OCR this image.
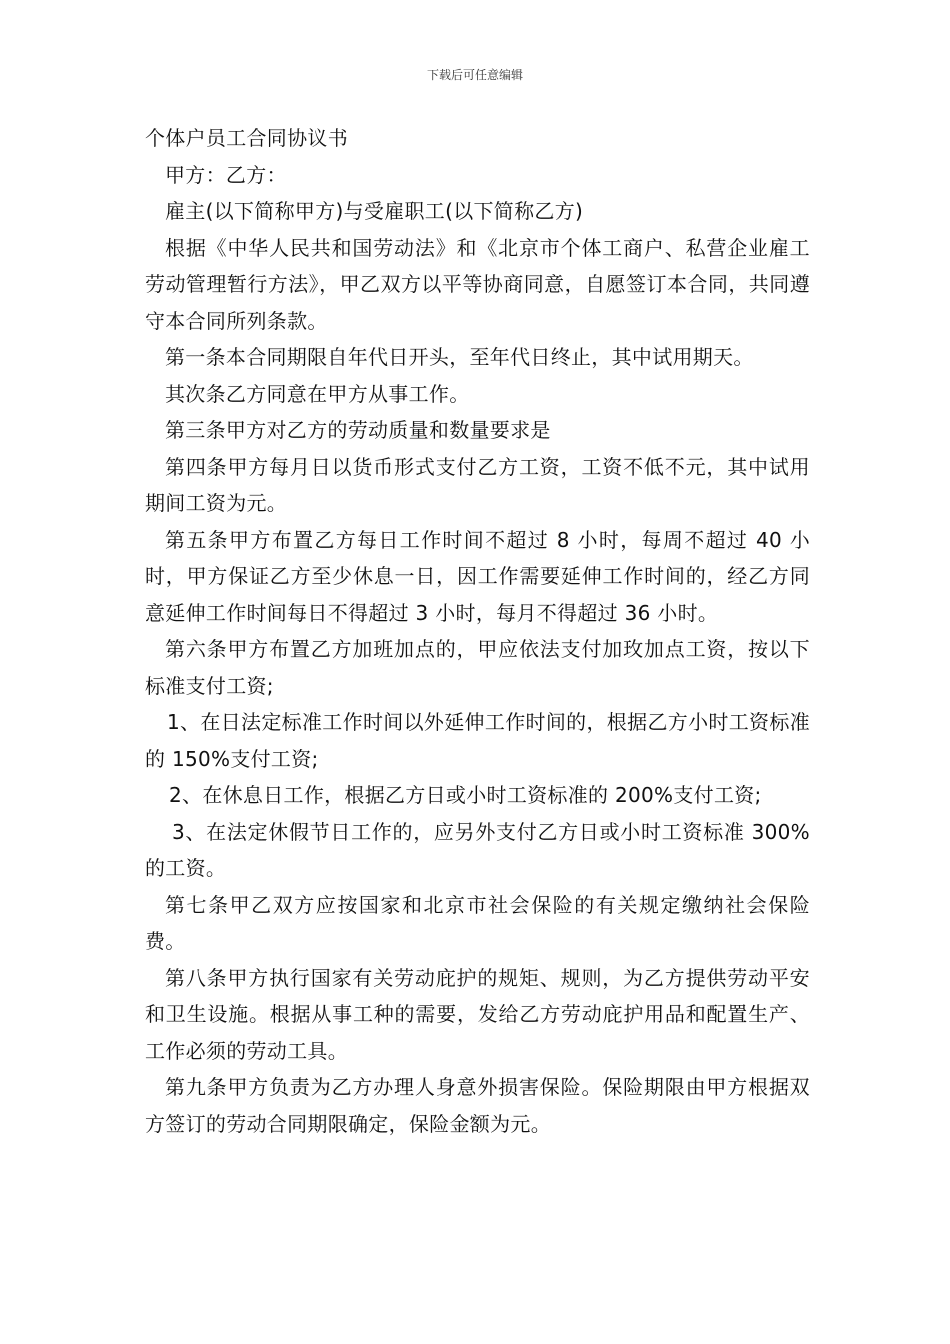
下载后可任意编辑

个体户员工合同协议书

甲方：乙方：

雇主(以下简称甲方)与受雇职工(以下简称乙方)

根据《中华人民共和国劳动法》和《北京市个体工商户、私营企业雇工劳动管理暂行方法》，甲乙双方以平等协商同意，自愿签订本合同，共同遵守本合同所列条款。

第一条本合同期限自年代日开头，至年代日终止，其中试用期天。

其次条乙方同意在甲方从事工作。

第三条甲方对乙方的劳动质量和数量要求是

第四条甲方每月日以货币形式支付乙方工资，工资不低不元，其中试用期间工资为元。

第五条甲方布置乙方每日工作时间不超过 8 小时，每周不超过 40 小时，甲方保证乙方至少休息一日，因工作需要延伸工作时间的，经乙方同意延伸工作时间每日不得超过 3 小时，每月不得超过 36 小时。

第六条甲方布置乙方加班加点的，甲应依法支付加玫加点工资，按以下标准支付工资;

1、在日法定标准工作时间以外延伸工作时间的，根据乙方小时工资标准的 150%支付工资;

2、在休息日工作，根据乙方日或小时工资标准的 200%支付工资;

3、在法定休假节日工作的，应另外支付乙方日或小时工资标准 300%的工资。

第七条甲乙双方应按国家和北京市社会保险的有关规定缴纳社会保险费。

第八条甲方执行国家有关劳动庇护的规矩、规则，为乙方提供劳动平安和卫生设施。根据从事工种的需要，发给乙方劳动庇护用品和配置生产、工作必须的劳动工具。

第九条甲方负责为乙方办理人身意外损害保险。保险期限由甲方根据双方签订的劳动合同期限确定，保险金额为元。
